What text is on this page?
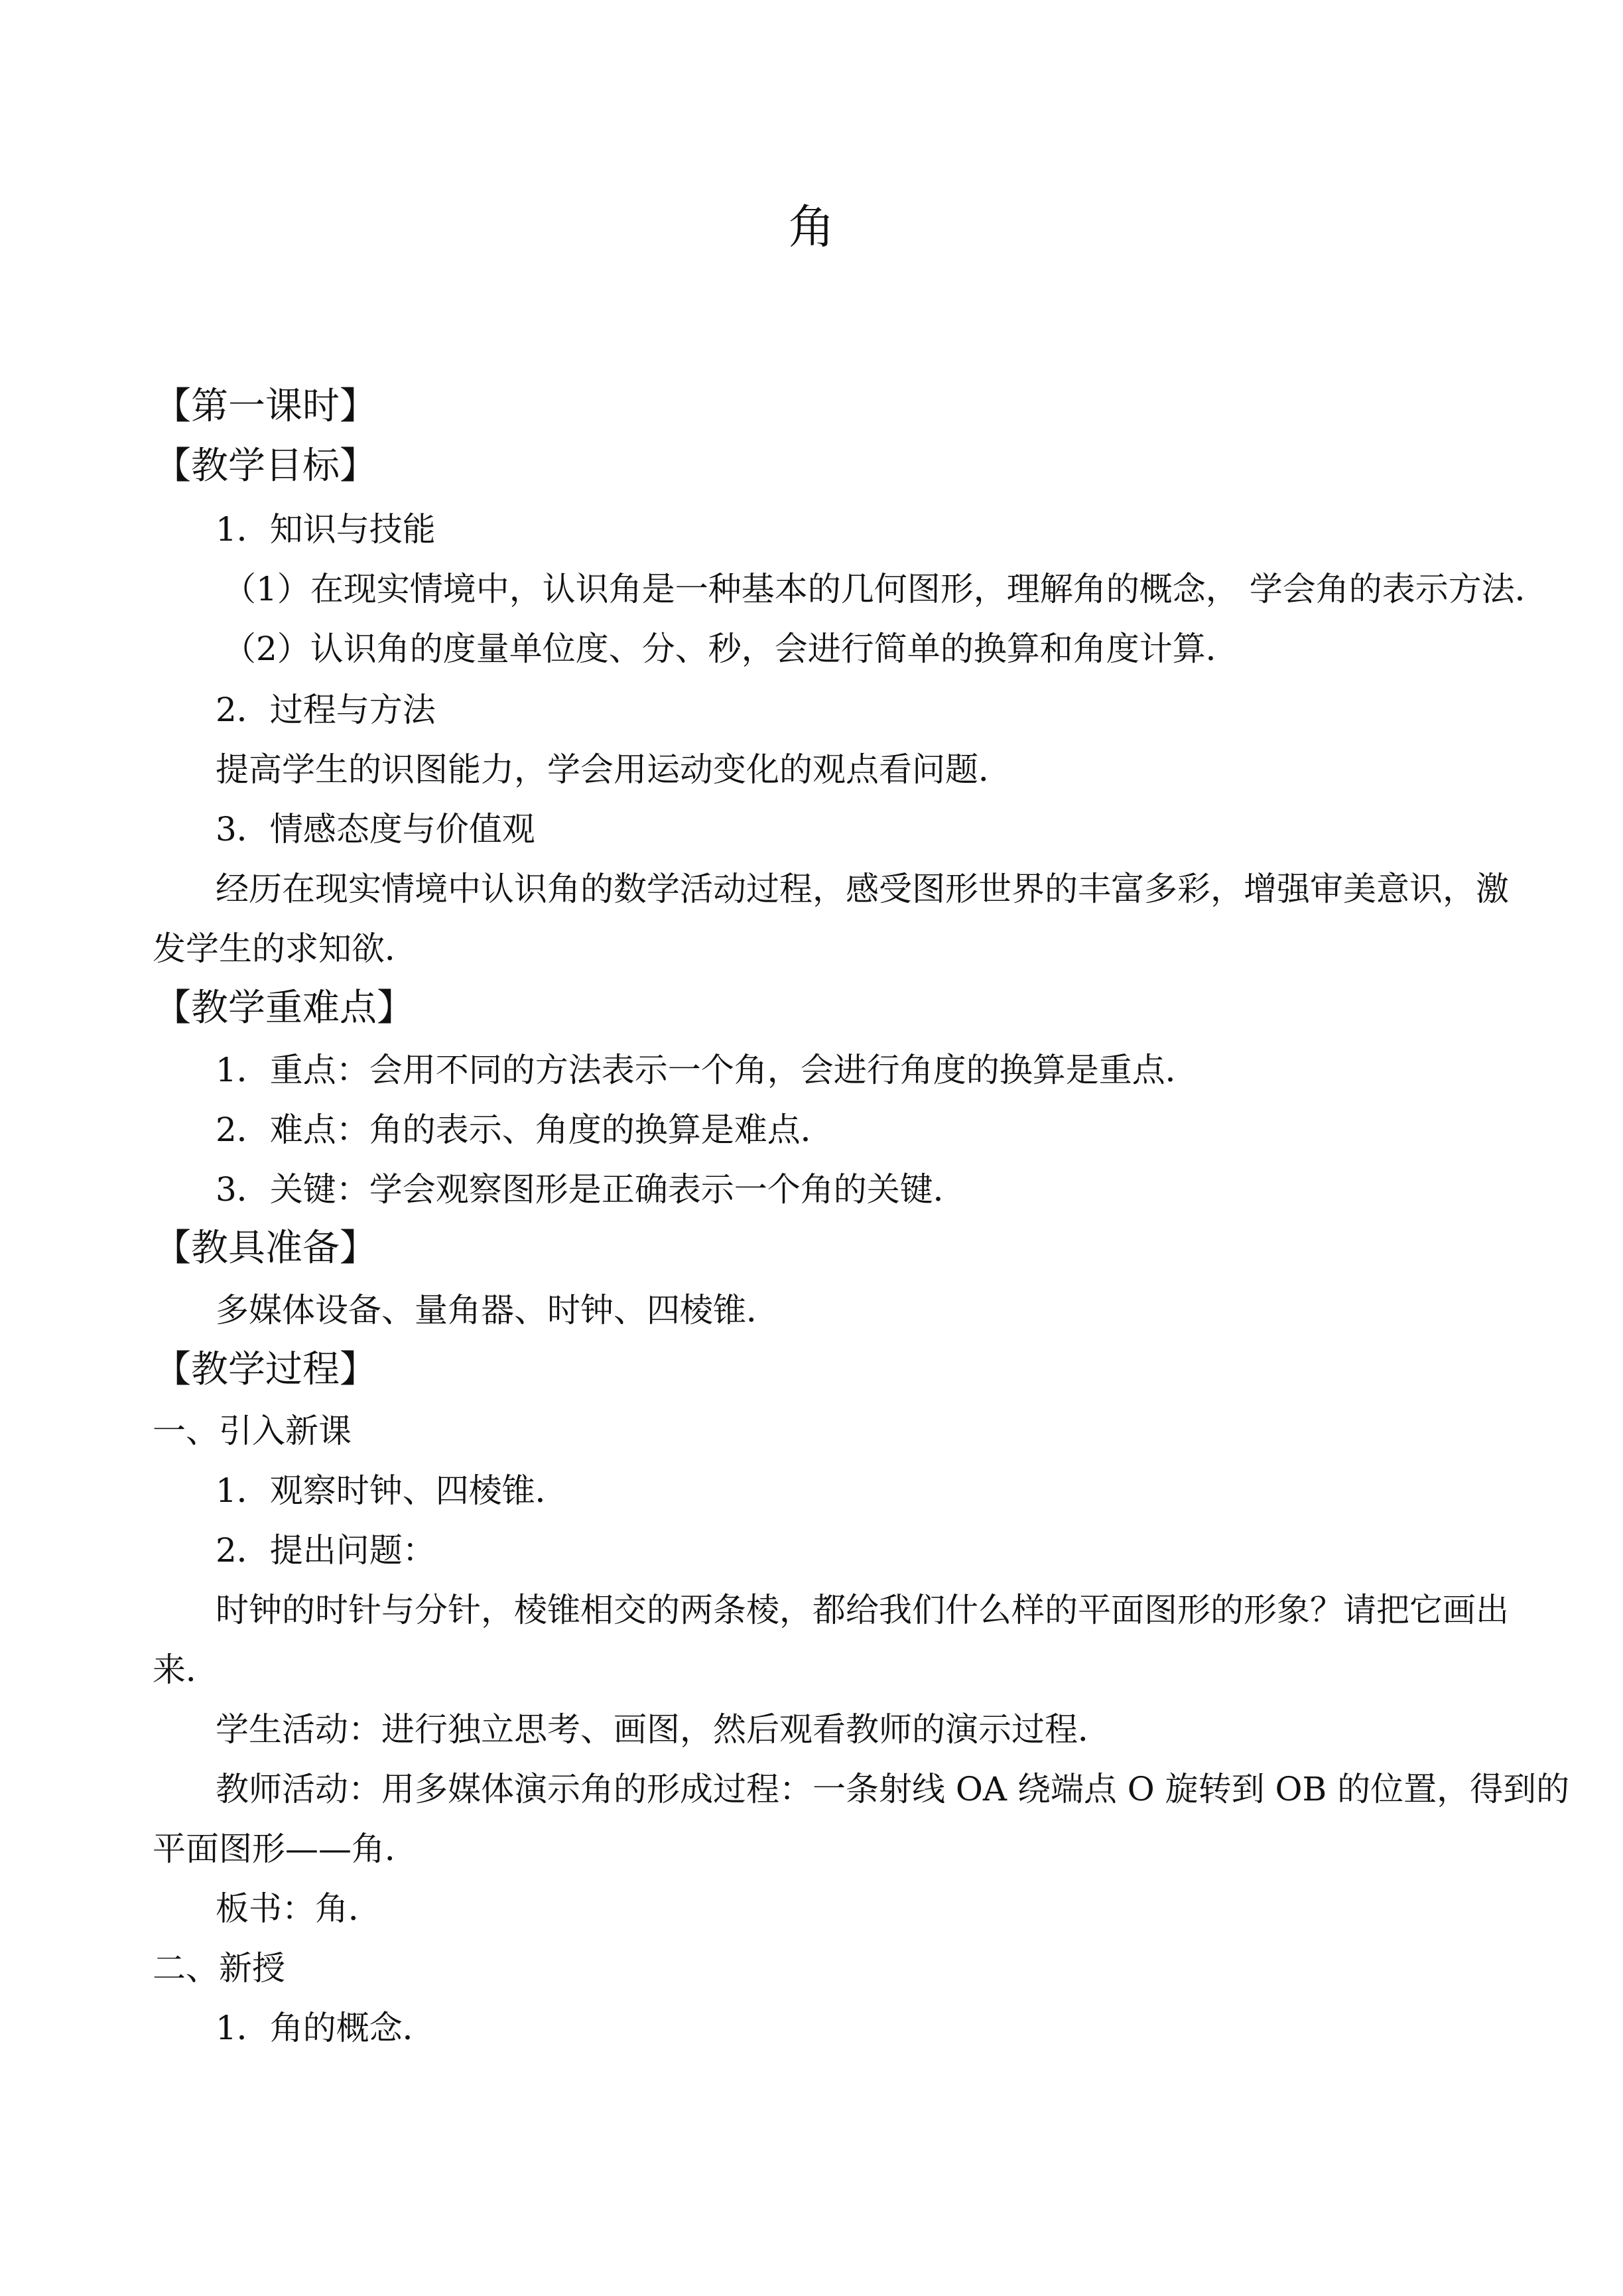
角

【第一课时】

【教学目标】

1．知识与技能

（1）在现实情境中，认识角是一种基本的几何图形，理解角的概念， 学会角的表示方法．

（2）认识角的度量单位度、分、秒，会进行简单的换算和角度计算．

2．过程与方法

提高学生的识图能力，学会用运动变化的观点看问题．

3．情感态度与价值观

经历在现实情境中认识角的数学活动过程，感受图形世界的丰富多彩，增强审美意识，激

发学生的求知欲．

【教学重难点】

1．重点：会用不同的方法表示一个角，会进行角度的换算是重点．

2．难点：角的表示、角度的换算是难点．

3．关键：学会观察图形是正确表示一个角的关键．

【教具准备】

多媒体设备、量角器、时钟、四棱锥．

【教学过程】

一、引入新课

1．观察时钟、四棱锥．

2．提出问题：

时钟的时针与分针，棱锥相交的两条棱，都给我们什么样的平面图形的形象？请把它画出

来．

学生活动：进行独立思考、画图，然后观看教师的演示过程．

教师活动：用多媒体演示角的形成过程：一条射线 OA 绕端点 O 旋转到 OB 的位置，得到的

平面图形——角．

板书：角．

二、新授

1．角的概念．
